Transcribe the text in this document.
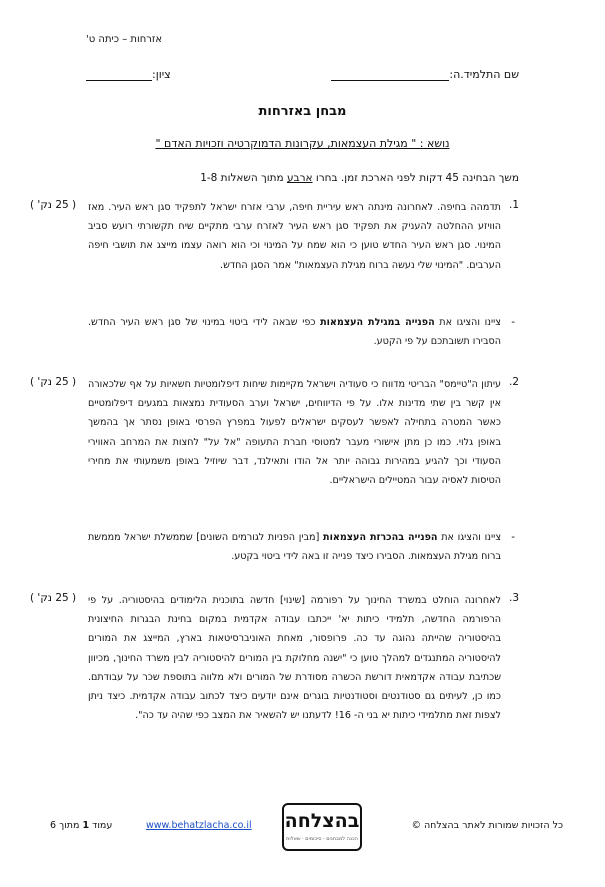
אזרחות – כיתה ט'
שם התלמיד.ה:
ציון:
מבחן באזרחות
נושא : " מגילת העצמאות, עקרונות הדמוקרטיה וזכויות האדם "
משך הבחינה 45 דקות לפני הארכת זמן. בחרו ארבע מתוך השאלות 1-8
( 25 נק' )	1.
תדמהה בחיפה. לאחרונה מינתה ראש עיריית חיפה, ערבי אזרח ישראל לתפקיד סגן ראש העיר. מאז הוויזע ההחלטה להעניק את תפקיד סגן ראש העיר לאזרח ערבי מתקיים שיח תקשורתי רועש סביב המינוי. סגן ראש העיר החדש טוען כי הוא שמח על המינוי וכי הוא רואה עצמו מייצג את תושבי חיפה הערבים. "המינוי שלי נעשה ברוח מגילת העצמאות" אמר הסגן החדש.
-
ציינו והציגו את הפנייה במגילת העצמאות כפי שבאה לידי ביטוי במינוי של סגן ראש העיר החדש. הסבירו תשובתכם על פי הקטע.
( 25 נק' )	2.
עיתון ה"טיימס" הבריטי מדווח כי סעודיה וישראל מקיימות שיחות דיפלומטיות חשאיות על אף שלכאורה אין קשר בין שתי מדינות אלו. על פי הדיווחים, ישראל וערב הסעודית נמצאות במגעים דיפלומטיים כאשר המטרה בתחילה לאפשר לעסקים ישראלים לפעול במפרץ הפרסי באופן נסתר אך בהמשך באופן גלוי. כמו כן מתן אישורי מעבר למטוסי חברת התעופה "אל על" לחצות את המרחב האווירי הסעודי וכך להגיע במהירות גבוהה יותר אל הודו ותאילנד, דבר שיוזיל באופן משמעותי את מחירי הטיסות לאסיה עבור המטיילים הישראליים.
-
ציינו והציגו את הפנייה בהכרזת העצמאות [מבין הפניות לגורמים השונים] שממשלת ישראל מממשת ברוח מגילת העצמאות. הסבירו כיצד פנייה זו באה לידי ביטוי בקטע.
( 25 נק' )	3.
לאחרונה הוחלט במשרד החינוך על רפורמה [שינוי] חדשה בתוכנית הלימודים בהיסטוריה. על פי הרפורמה החדשה, תלמידי כיתות יא' ייכתבו עבודה אקדמית במקום בחינת הבגרות החיצונית בהיסטוריה שהייתה נהוגה עד כה. פרופסור, מאחת האוניברסיטאות בארץ, המייצג את המורים להיסטוריה המתנגדים למהלך טוען כי "ישנה מחלוקת בין המורים להיסטוריה לבין משרד החינוך, מכיוון שכתיבת עבודה אקדמאית דורשת הכשרה מסודרת של המורים ולא מלווה בתוספת שכר על עבודתם. כמו כן, לעיתים גם סטודנטים וסטודנטיות בוגרים אינם יודעים כיצד לכתוב עבודה אקדמית. כיצד ניתן לצפות זאת מתלמידי כיתות יא בני ה- 16! לדעתנו יש להשאיר את המצב כפי שהיה עד כה".
כל הזכויות שמורות לאתר בהצלחה ©
בהצלחה
הכנה למבחנים · סיכומים · שאלות
www.behatzlacha.co.il
עמוד 1 מתוך 6
